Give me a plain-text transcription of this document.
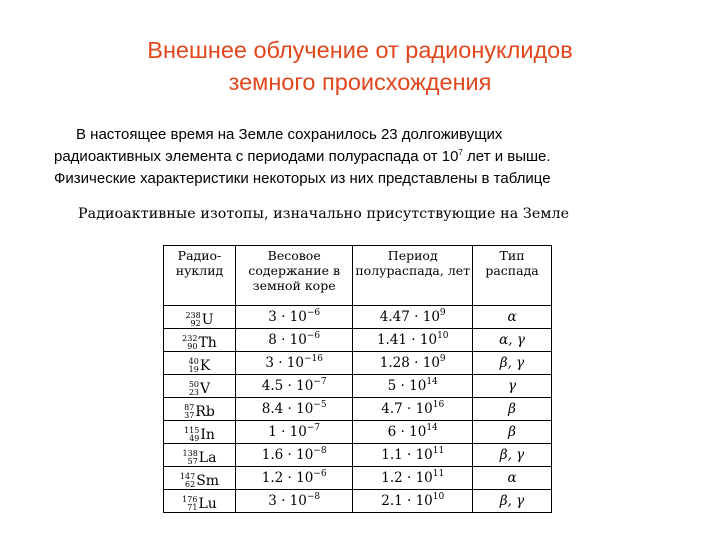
Внешнее облучение от радионуклидов
земного происхождения
В настоящее время на Земле сохранилось 23 долгоживущих
радиоактивных элемента с периодами полураспада от $10^7$ лет и выше.
Физические характеристики некоторых из них представлены в таблице
Радиоактивные изотопы, изначально присутствующие на Земле
Радио-нуклид	Весовое содержание в земной коре	Период полураспада, лет	Тип распада

238
92 U	$3 \cdot 10^{-6}$	$4.47 \cdot 10^9$	α

232
90 Th	$8 \cdot 10^{-6}$	$1.41 \cdot 10^{10}$	α, γ

40
19 K	$3 \cdot 10^{-16}$	$1.28 \cdot 10^9$	β, γ

50
23 V	$4.5 \cdot 10^{-7}$	$5 \cdot 10^{14}$	γ

87
37 Rb	$8.4 \cdot 10^{-5}$	$4.7 \cdot 10^{16}$	β

115
49 In	$1 \cdot 10^{-7}$	$6 \cdot 10^{14}$	β

138
57 La	$1.6 \cdot 10^{-8}$	$1.1 \cdot 10^{11}$	β, γ

147
62 Sm	$1.2 \cdot 10^{-6}$	$1.2 \cdot 10^{11}$	α

176
71 Lu	$3 \cdot 10^{-8}$	$2.1 \cdot 10^{10}$	β, γ
